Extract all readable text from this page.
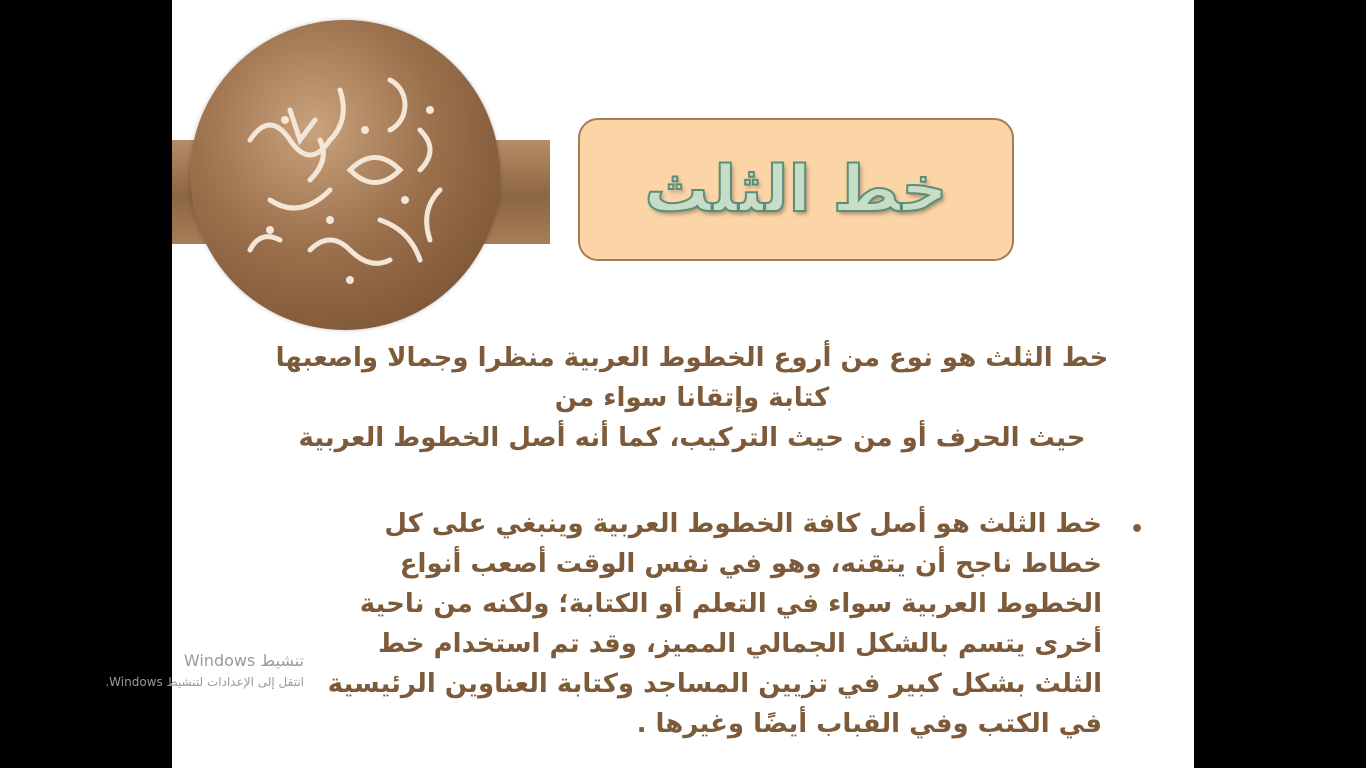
خط الثلث
خط الثلث هو نوع من أروع الخطوط العربية منظرا وجمالا واصعبها
كتابة وإتقانا سواء من
حيث الحرف أو من حيث التركيب، كما أنه أصل الخطوط العربية
•
خط الثلث هو أصل كافة الخطوط العربية وينبغي على كل
خطاط ناجح أن يتقنه، وهو في نفس الوقت أصعب أنواع
الخطوط العربية سواء في التعلم أو الكتابة؛ ولكنه من ناحية
أخرى يتسم بالشكل الجمالي المميز، وقد تم استخدام خط
الثلث بشكل كبير في تزيين المساجد وكتابة العناوين الرئيسية
في الكتب وفي القباب أيضًا وغيرها .
تنشيط Windows
انتقل إلى الإعدادات لتنشيط Windows.
